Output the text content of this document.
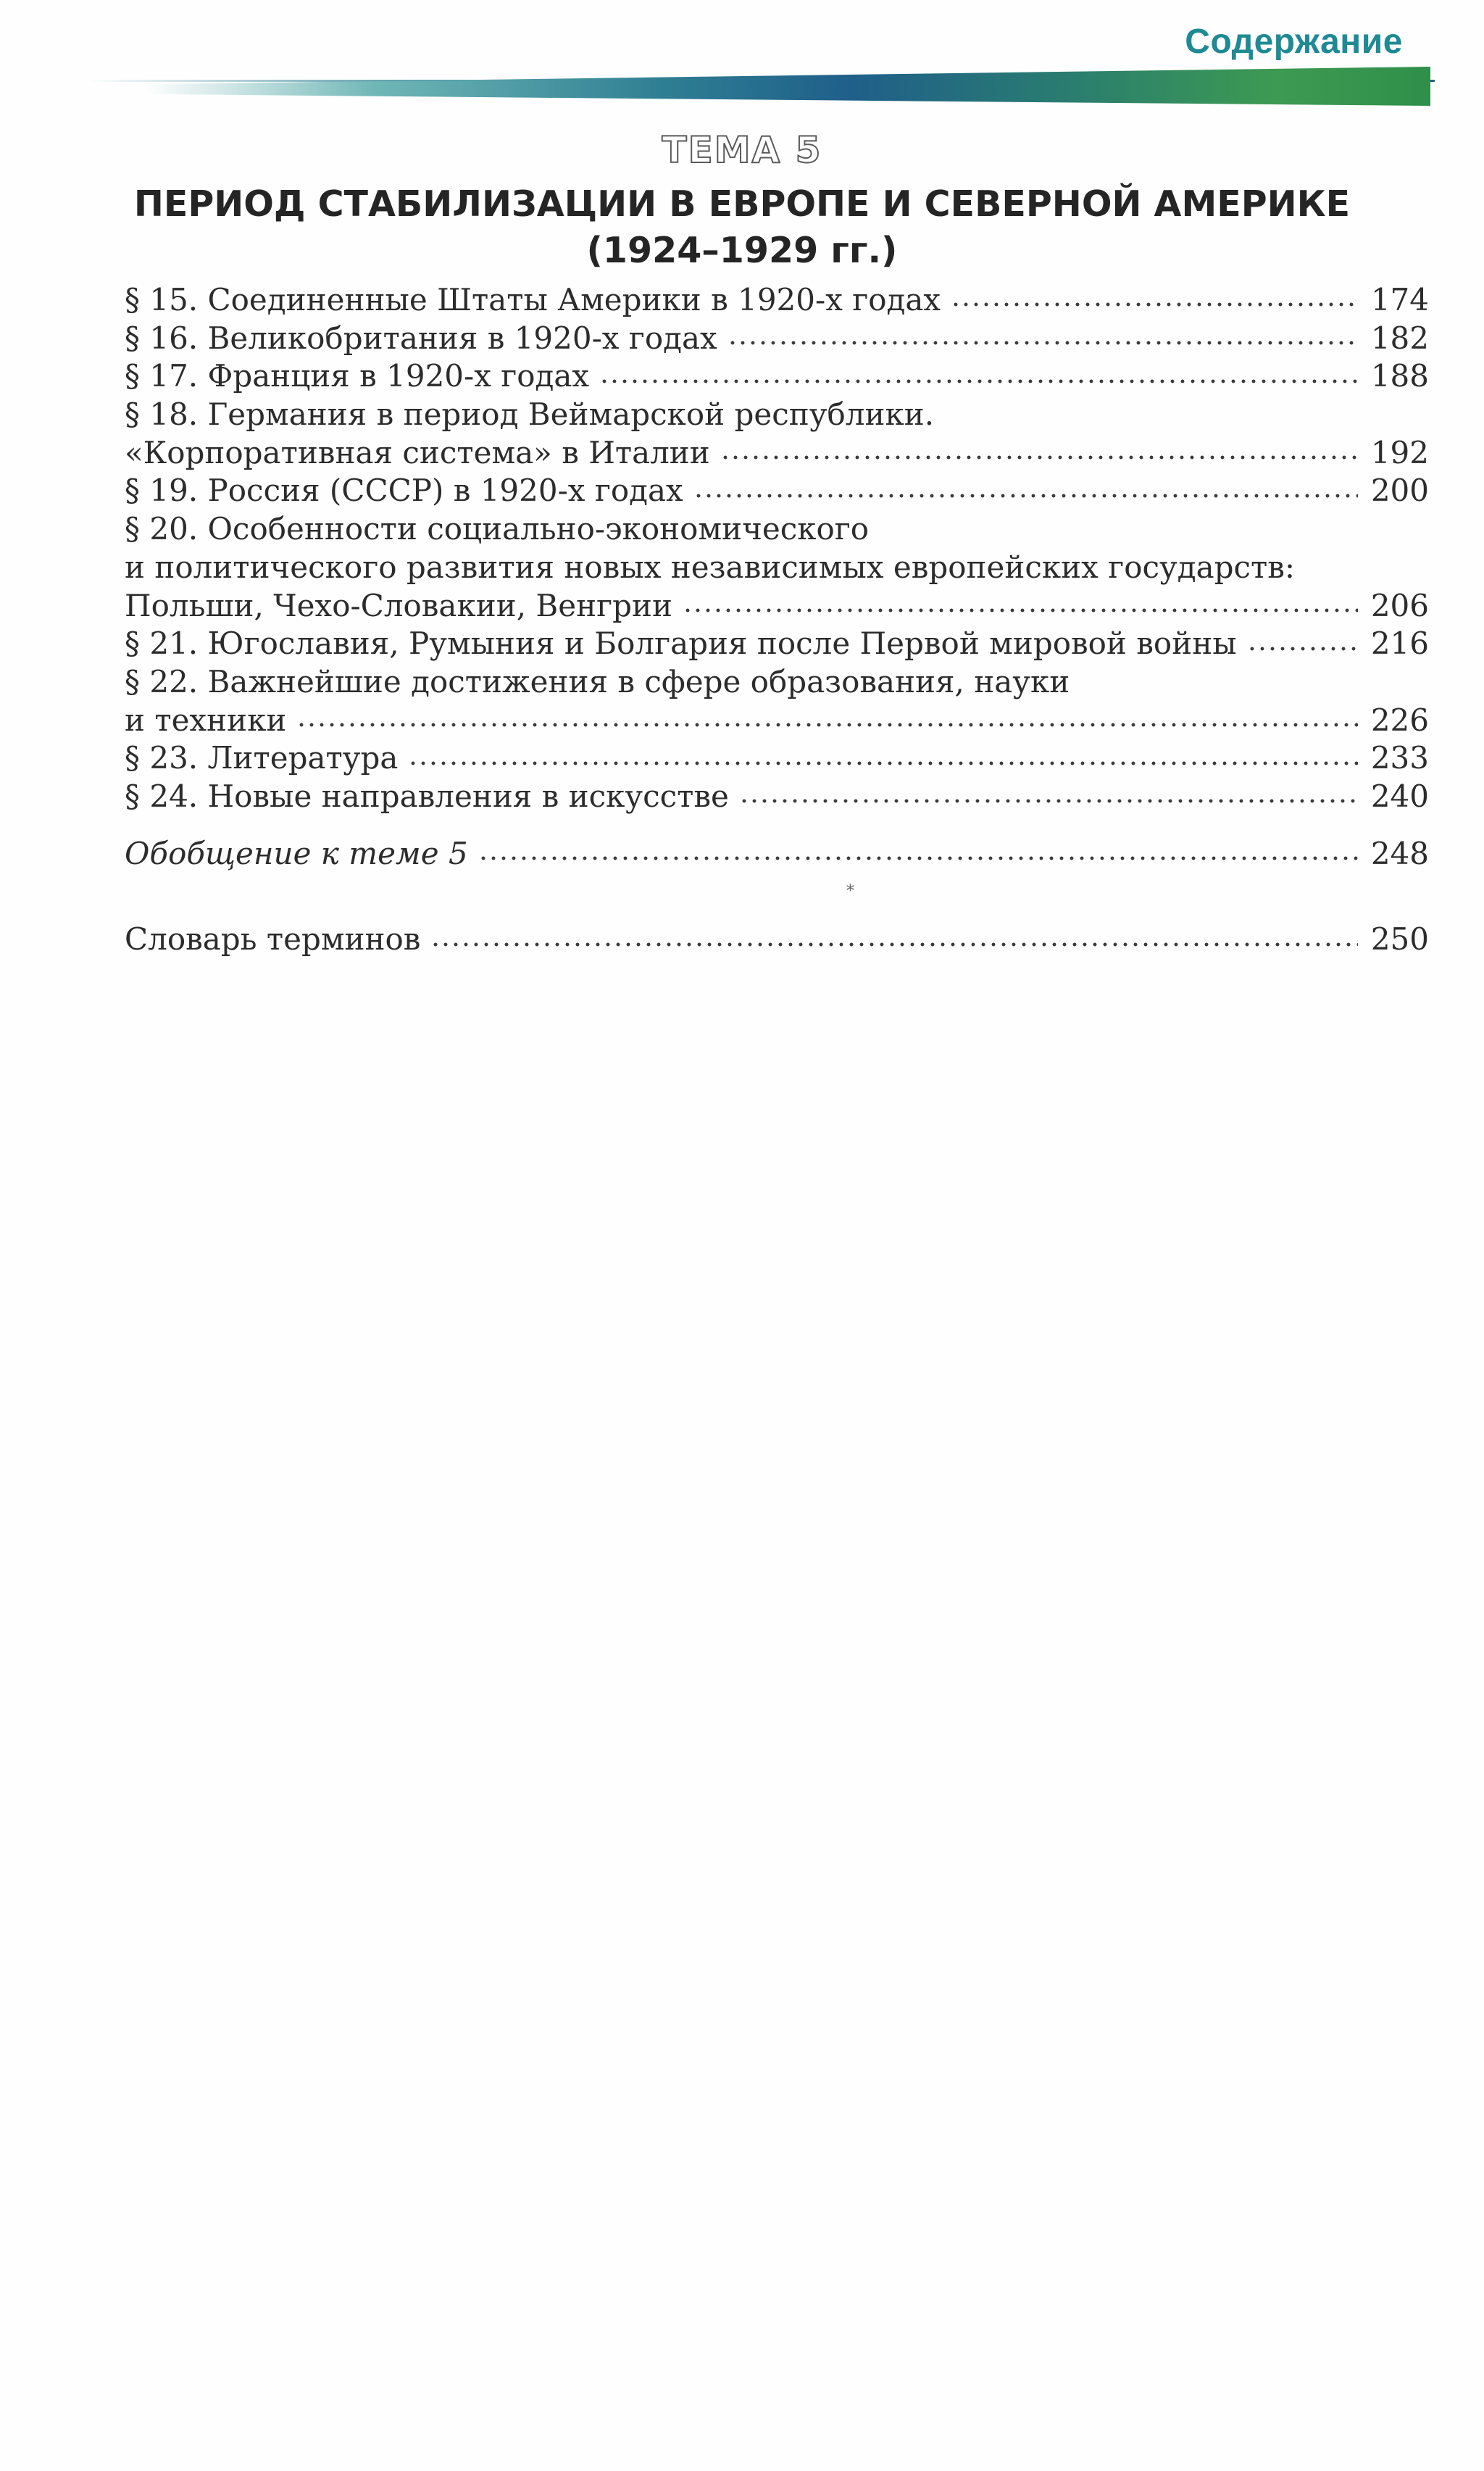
Содержание
ТЕМА 5
ПЕРИОД СТАБИЛИЗАЦИИ В ЕВРОПЕ И СЕВЕРНОЙ АМЕРИКЕ
(1924–1929 гг.)
§ 15. Соединенные Штаты Америки в 1920-х годах	174
§ 16. Великобритания в 1920-х годах	182
§ 17. Франция в 1920-х годах	188
§ 18. Германия в период Веймарской республики.
«Корпоративная система» в Италии	192
§ 19. Россия (СССР) в 1920-х годах	200
§ 20. Особенности социально-экономического
и политического развития новых независимых европейских государств:
Польши, Чехо-Словакии, Венгрии	206
§ 21. Югославия, Румыния и Болгария после Первой мировой войны	216
§ 22. Важнейшие достижения в сфере образования, науки
и техники	226
§ 23. Литература	233
§ 24. Новые направления в искусстве	240
Обобщение к теме 5	248
Словарь терминов	250
⁎
